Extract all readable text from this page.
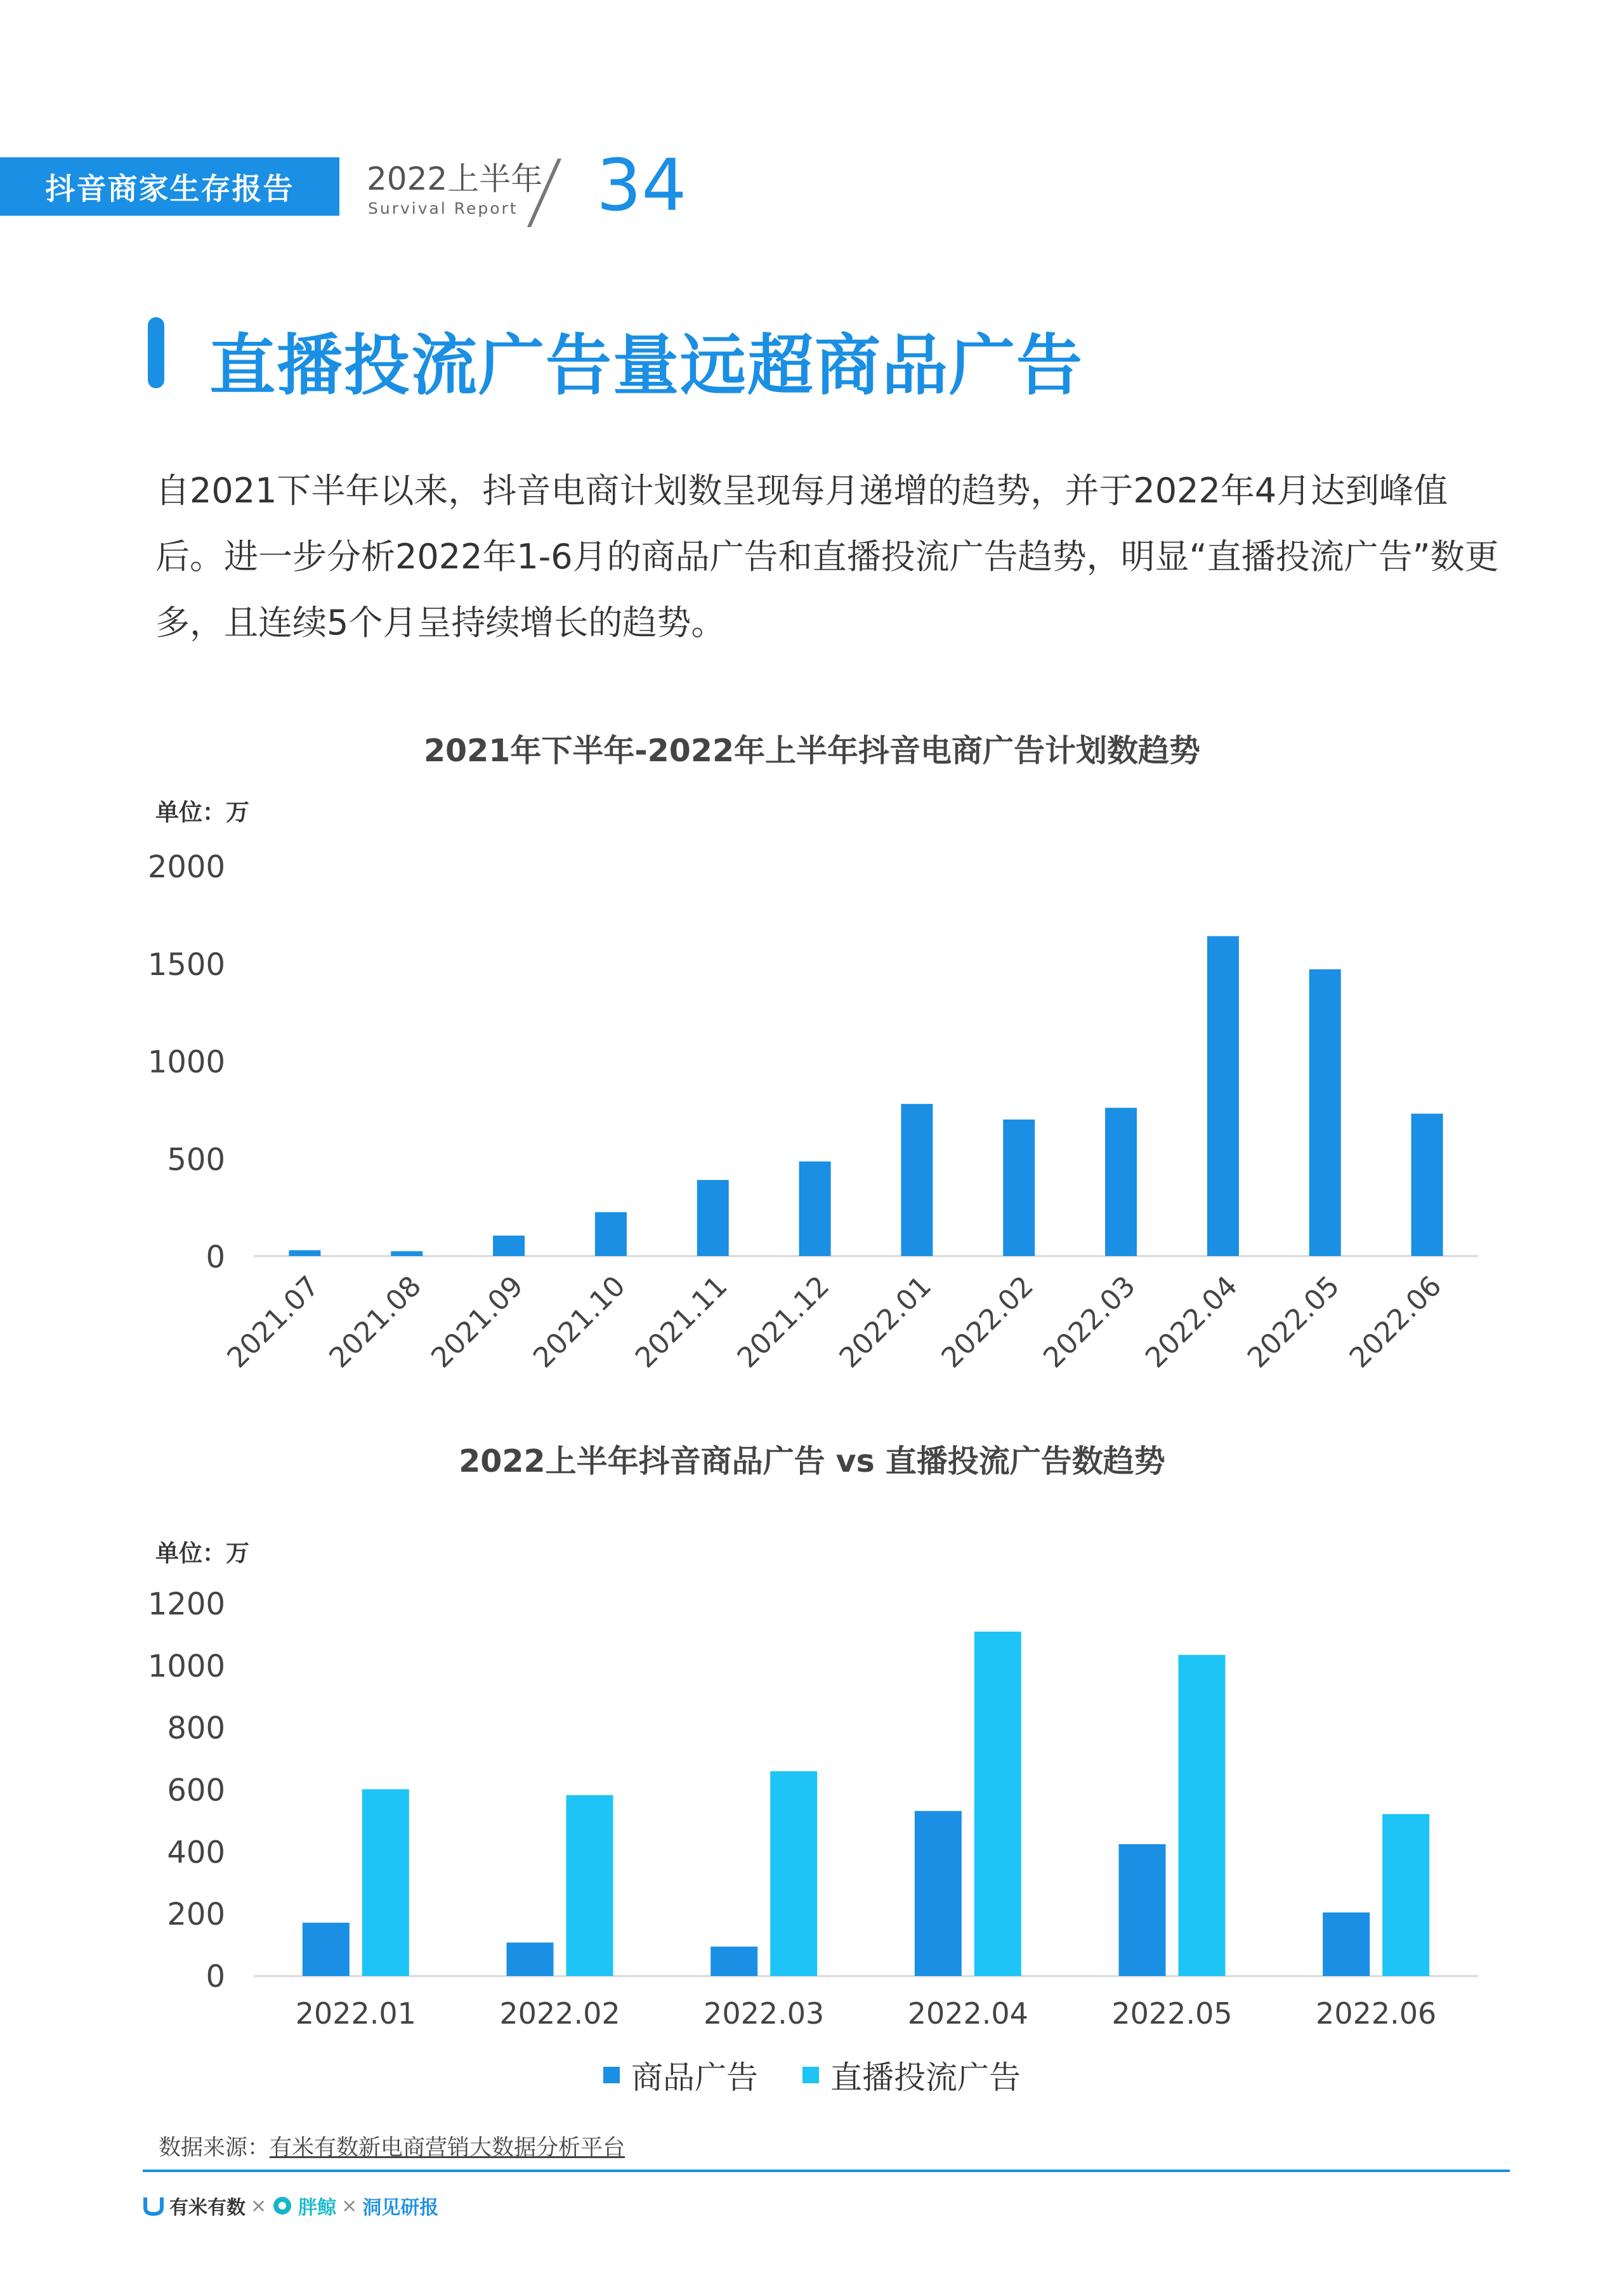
抖音商家生存报告 2022上半年
Survival Report 34
直播投流广告量远超商品广告
自2021下半年以来，抖音电商计划数呈现每月递增的趋势，并于2022年4月达到峰值后。进一步分析2022年1-6月的商品广告和直播投流广告趋势，明显“直播投流广告”数更多，且连续5个月呈持续增长的趋势。
2021年下半年-2022年上半年抖音电商广告计划数趋势
单位：万
0
500
1000
1500
2000
2021.07
2021.08
2021.09
2021.10
2021.11
2021.12
2022.01
2022.02
2022.03
2022.04
2022.05
2022.06
2022上半年抖音商品广告 vs 直播投流广告数趋势
单位：万
0
200
400
600
800
1000
1200
2022.01	2022.02	2022.03	2022.04	2022.05	2022.06
商品广告 直播投流广告
数据来源：有米有数新电商营销大数据分析平台
有米有数 × 胖鲸 × 洞见研报
